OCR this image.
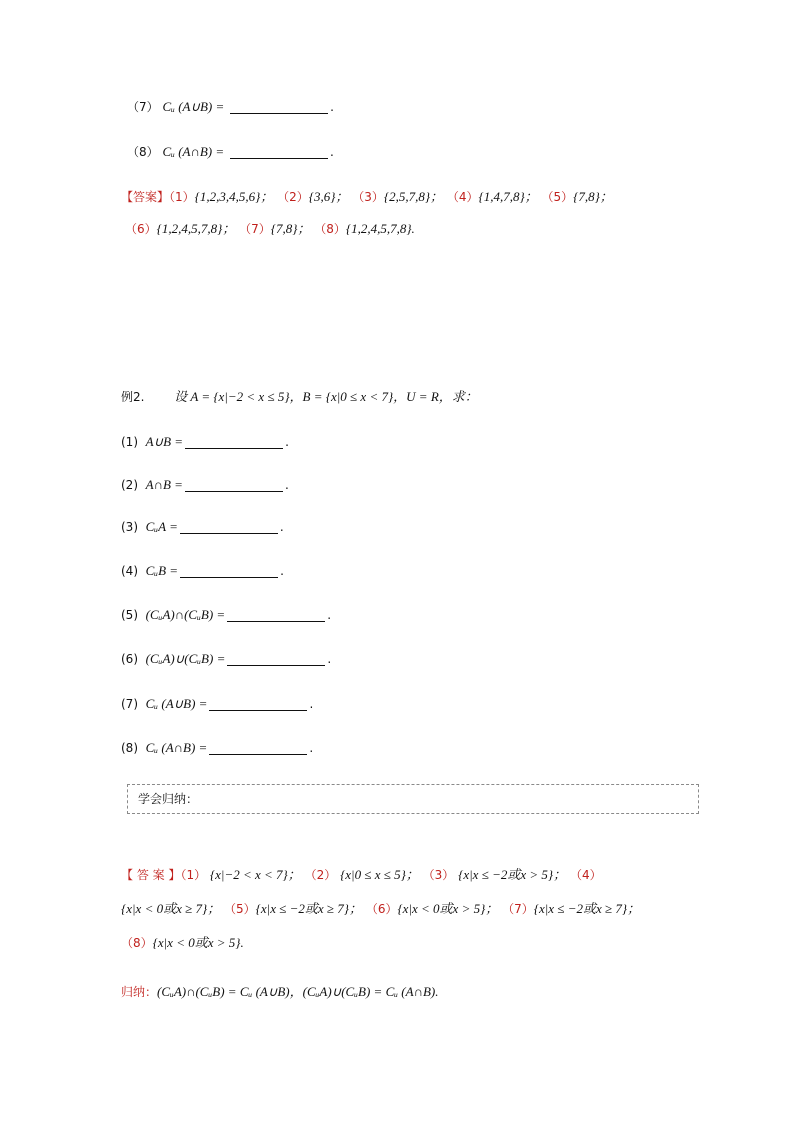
（7） Cᵤ (A∪B) =	.
（8） Cᵤ (A∩B) =	.
【答案】（1）{1,2,3,4,5,6}； （2）{3,6}； （3）{2,5,7,8}； （4）{1,4,7,8}； （5）{7,8}；
（6）{1,2,4,5,7,8}； （7）{7,8}； （8）{1,2,4,5,7,8}.
例2. 设 A = {x|−2 < x ≤ 5}，B = {x|0 ≤ x < 7}，U = R，求：
(1) A∪B =	.
(2) A∩B =	.
(3) CᵤA =	.
(4) CᵤB =	.
(5) (CᵤA)∩(CᵤB) =	.
(6) (CᵤA)∪(CᵤB) =	.
(7) Cᵤ (A∪B) =	.
(8) Cᵤ (A∩B) =	.
学会归纳：
【 答 案 】（1） {x|−2 < x < 7}； （2） {x|0 ≤ x ≤ 5}； （3） {x|x ≤ −2或x > 5}； （4）
{x|x < 0或x ≥ 7}； （5）{x|x ≤ −2或x ≥ 7}； （6）{x|x < 0或x > 5}； （7）{x|x ≤ −2或x ≥ 7}；
（8）{x|x < 0或x > 5}.
归纳：(CᵤA)∩(CᵤB) = Cᵤ (A∪B)，(CᵤA)∪(CᵤB) = Cᵤ (A∩B).
